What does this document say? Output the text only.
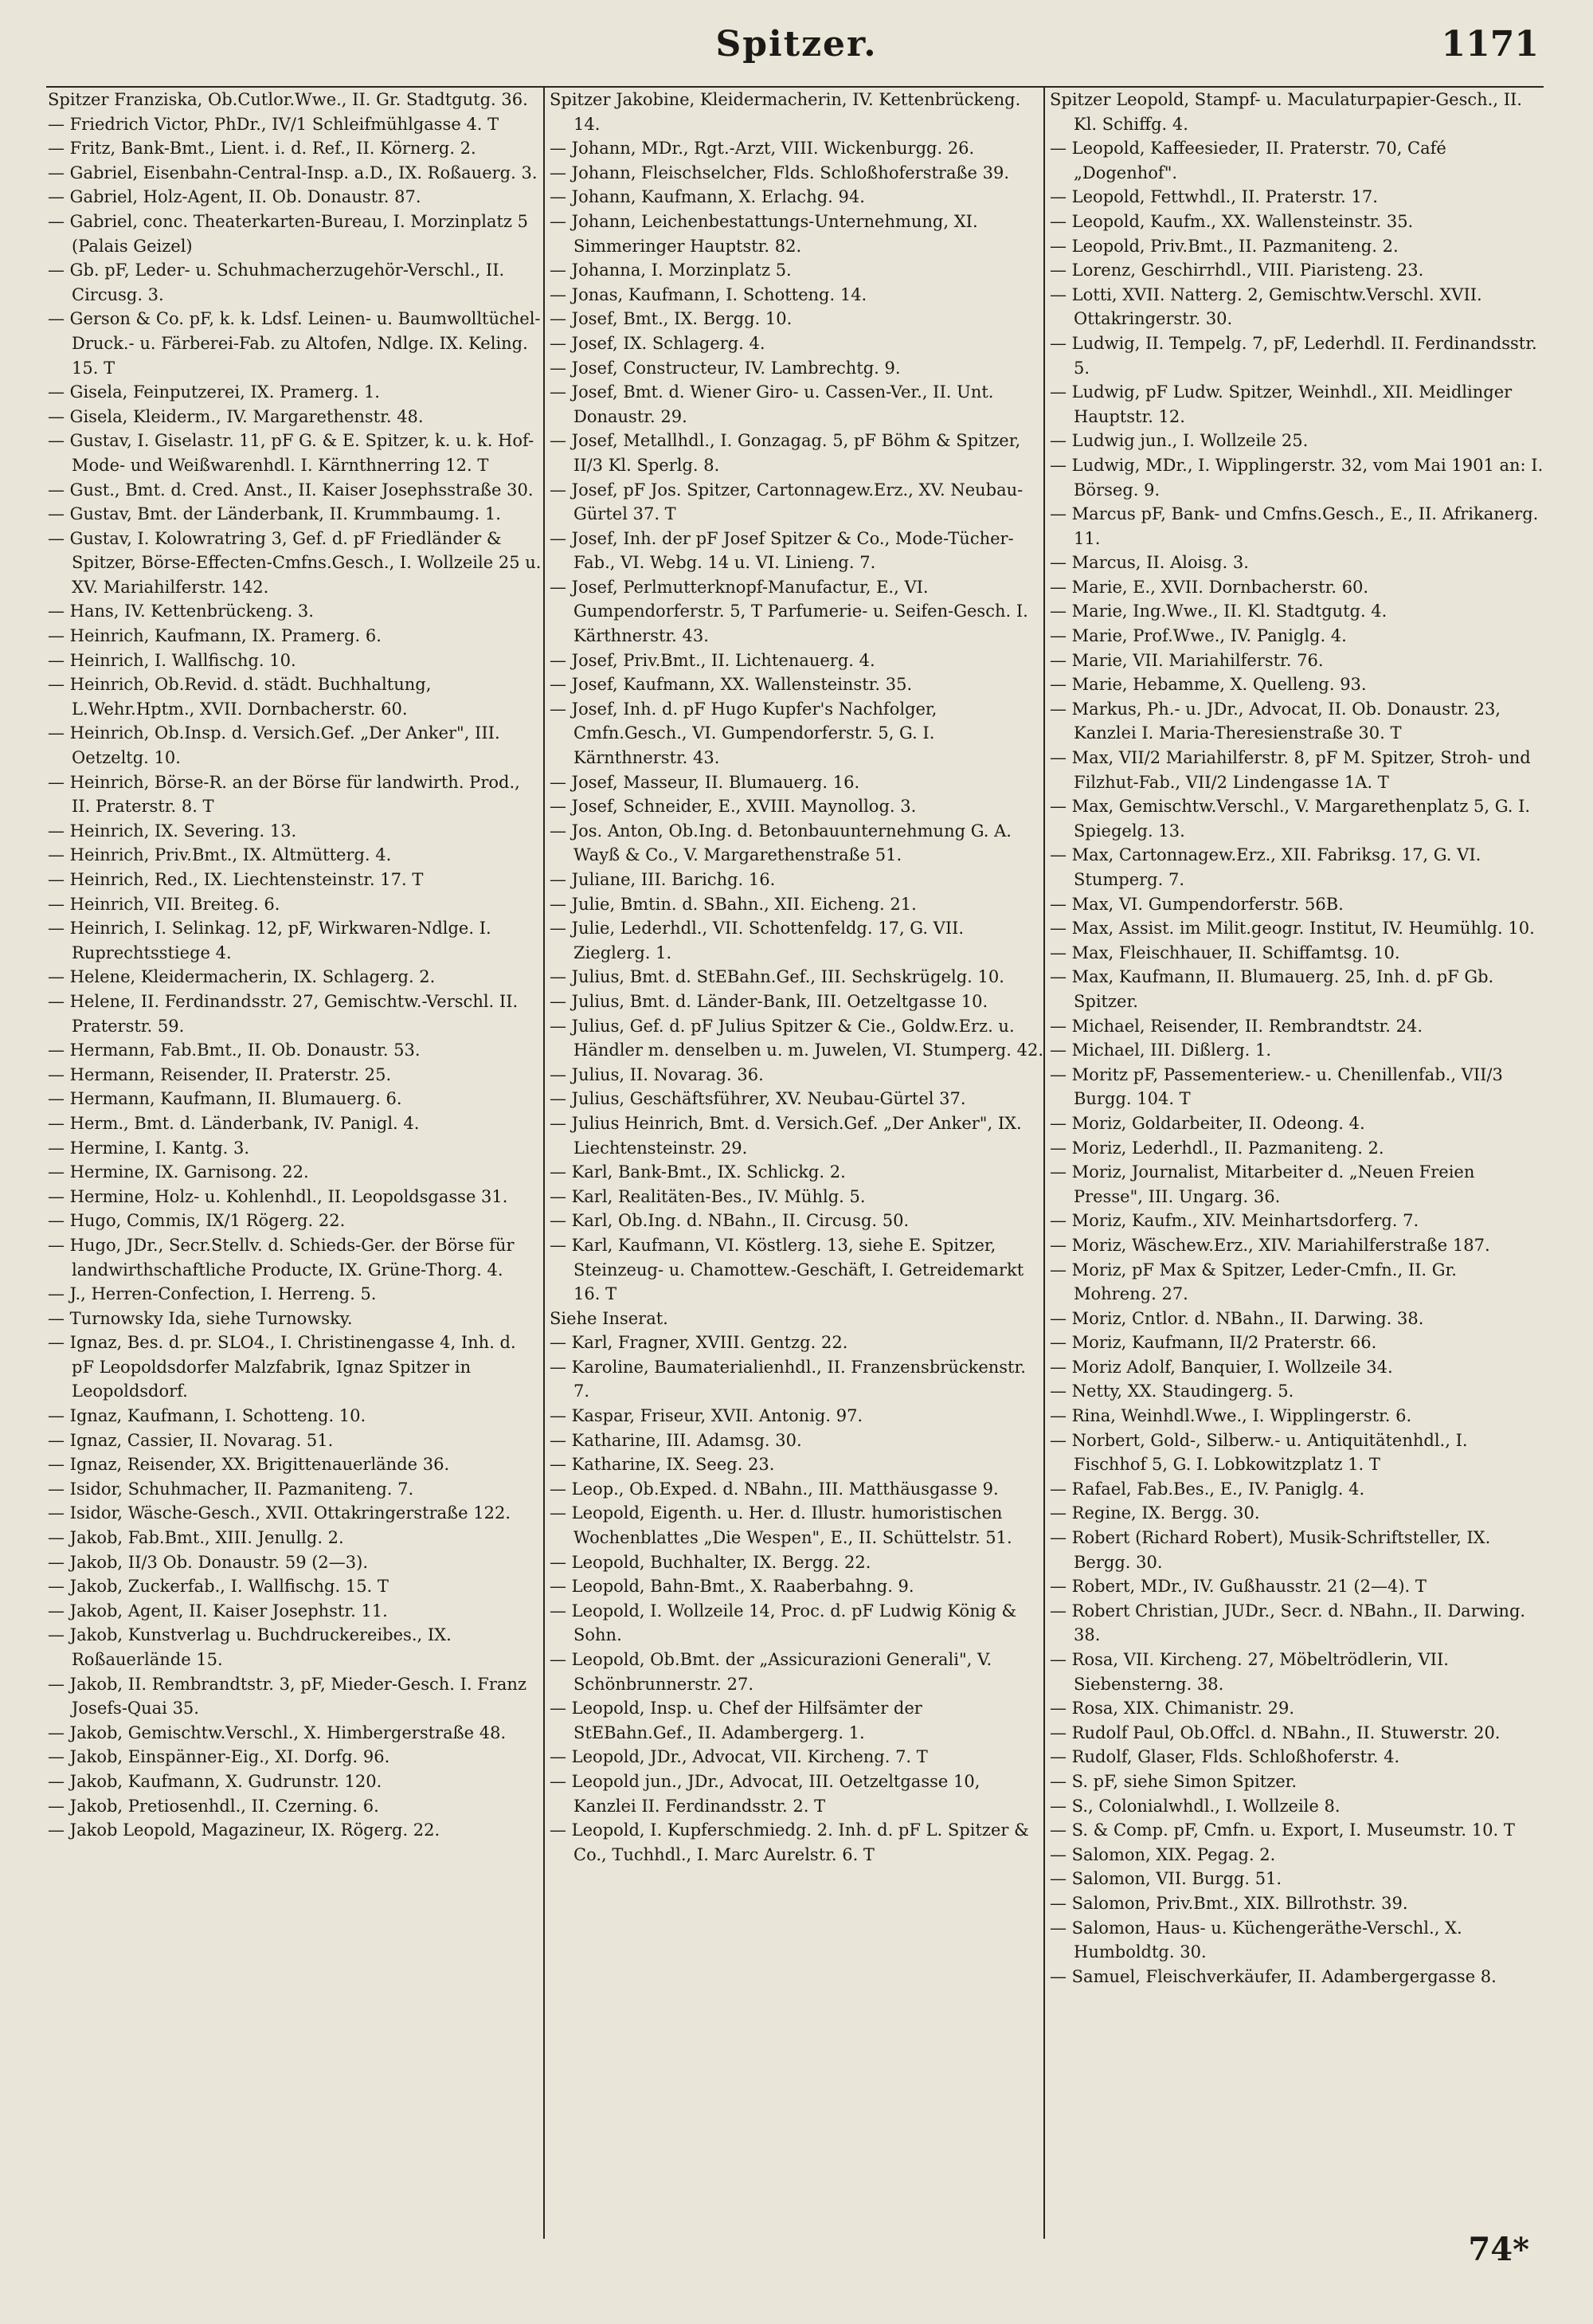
Spitzer.	1171

Spitzer Franziska, Ob.Cutlor.Wwe., II. Gr. Stadtgutg. 36.

— Friedrich Victor, PhDr., IV/1 Schleifmühlgasse 4. T

— Fritz, Bank-Bmt., Lient. i. d. Ref., II. Körnerg. 2.

— Gabriel, Eisenbahn-Central-Insp. a.D., IX. Roßauerg. 3.

— Gabriel, Holz-Agent, II. Ob. Donaustr. 87.

— Gabriel, conc. Theaterkarten-Bureau, I. Morzinplatz 5 (Palais Geizel)

— Gb. pF, Leder- u. Schuhmacherzugehör-Verschl., II. Circusg. 3.

— Gerson & Co. pF, k. k. Ldsf. Leinen- u. Baumwolltüchel-Druck.- u. Färberei-Fab. zu Altofen, Ndlge. IX. Keling. 15. T

— Gisela, Feinputzerei, IX. Pramerg. 1.

— Gisela, Kleiderm., IV. Margarethenstr. 48.

— Gustav, I. Giselastr. 11, pF G. & E. Spitzer, k. u. k. Hof-Mode- und Weißwarenhdl. I. Kärnthnerring 12. T

— Gust., Bmt. d. Cred. Anst., II. Kaiser Josephsstraße 30.

— Gustav, Bmt. der Länderbank, II. Krummbaumg. 1.

— Gustav, I. Kolowratring 3, Gef. d. pF Friedländer & Spitzer, Börse-Effecten-Cmfns.Gesch., I. Wollzeile 25 u. XV. Mariahilferstr. 142.

— Hans, IV. Kettenbrückeng. 3.

— Heinrich, Kaufmann, IX. Pramerg. 6.

— Heinrich, I. Wallfischg. 10.

— Heinrich, Ob.Revid. d. städt. Buchhaltung, L.Wehr.Hptm., XVII. Dornbacherstr. 60.

— Heinrich, Ob.Insp. d. Versich.Gef. „Der Anker", III. Oetzeltg. 10.

— Heinrich, Börse-R. an der Börse für landwirth. Prod., II. Praterstr. 8. T

— Heinrich, IX. Severing. 13.

— Heinrich, Priv.Bmt., IX. Altmütterg. 4.

— Heinrich, Red., IX. Liechtensteinstr. 17. T

— Heinrich, VII. Breiteg. 6.

— Heinrich, I. Selinkag. 12, pF, Wirkwaren-Ndlge. I. Ruprechtsstiege 4.

— Helene, Kleidermacherin, IX. Schlagerg. 2.

— Helene, II. Ferdinandsstr. 27, Gemischtw.-Verschl. II. Praterstr. 59.

— Hermann, Fab.Bmt., II. Ob. Donaustr. 53.

— Hermann, Reisender, II. Praterstr. 25.

— Hermann, Kaufmann, II. Blumauerg. 6.

— Herm., Bmt. d. Länderbank, IV. Panigl. 4.

— Hermine, I. Kantg. 3.

— Hermine, IX. Garnisong. 22.

— Hermine, Holz- u. Kohlenhdl., II. Leopoldsgasse 31.

— Hugo, Commis, IX/1 Rögerg. 22.

— Hugo, JDr., Secr.Stellv. d. Schieds-Ger. der Börse für landwirthschaftliche Producte, IX. Grüne-Thorg. 4.

— J., Herren-Confection, I. Herreng. 5.

— Turnowsky Ida, siehe Turnowsky.

— Ignaz, Bes. d. pr. SLO4., I. Christinengasse 4, Inh. d. pF Leopoldsdorfer Malzfabrik, Ignaz Spitzer in Leopoldsdorf.

— Ignaz, Kaufmann, I. Schotteng. 10.

— Ignaz, Cassier, II. Novarag. 51.

— Ignaz, Reisender, XX. Brigittenauerlände 36.

— Isidor, Schuhmacher, II. Pazmaniteng. 7.

— Isidor, Wäsche-Gesch., XVII. Ottakringerstraße 122.

— Jakob, Fab.Bmt., XIII. Jenullg. 2.

— Jakob, II/3 Ob. Donaustr. 59 (2—3).

— Jakob, Zuckerfab., I. Wallfischg. 15. T

— Jakob, Agent, II. Kaiser Josephstr. 11.

— Jakob, Kunstverlag u. Buchdruckereibes., IX. Roßauerlände 15.

— Jakob, II. Rembrandtstr. 3, pF, Mieder-Gesch. I. Franz Josefs-Quai 35.

— Jakob, Gemischtw.Verschl., X. Himbergerstraße 48.

— Jakob, Einspänner-Eig., XI. Dorfg. 96.

— Jakob, Kaufmann, X. Gudrunstr. 120.

— Jakob, Pretiosenhdl., II. Czerning. 6.

— Jakob Leopold, Magazineur, IX. Rögerg. 22.

Spitzer Jakobine, Kleidermacherin, IV. Kettenbrückeng. 14.

— Johann, MDr., Rgt.-Arzt, VIII. Wickenburgg. 26.

— Johann, Fleischselcher, Flds. Schloßhoferstraße 39.

— Johann, Kaufmann, X. Erlachg. 94.

— Johann, Leichenbestattungs-Unternehmung, XI. Simmeringer Hauptstr. 82.

— Johanna, I. Morzinplatz 5.

— Jonas, Kaufmann, I. Schotteng. 14.

— Josef, Bmt., IX. Bergg. 10.

— Josef, IX. Schlagerg. 4.

— Josef, Constructeur, IV. Lambrechtg. 9.

— Josef, Bmt. d. Wiener Giro- u. Cassen-Ver., II. Unt. Donaustr. 29.

— Josef, Metallhdl., I. Gonzagag. 5, pF Böhm & Spitzer, II/3 Kl. Sperlg. 8.

— Josef, pF Jos. Spitzer, Cartonnagew.Erz., XV. Neubau-Gürtel 37. T

— Josef, Inh. der pF Josef Spitzer & Co., Mode-Tücher-Fab., VI. Webg. 14 u. VI. Linieng. 7.

— Josef, Perlmutterknopf-Manufactur, E., VI. Gumpendorferstr. 5, T Parfumerie- u. Seifen-Gesch. I. Kärthnerstr. 43.

— Josef, Priv.Bmt., II. Lichtenauerg. 4.

— Josef, Kaufmann, XX. Wallensteinstr. 35.

— Josef, Inh. d. pF Hugo Kupfer's Nachfolger, Cmfn.Gesch., VI. Gumpendorferstr. 5, G. I. Kärnthnerstr. 43.

— Josef, Masseur, II. Blumauerg. 16.

— Josef, Schneider, E., XVIII. Maynollog. 3.

— Jos. Anton, Ob.Ing. d. Betonbauunternehmung G. A. Wayß & Co., V. Margarethenstraße 51.

— Juliane, III. Barichg. 16.

— Julie, Bmtin. d. SBahn., XII. Eicheng. 21.

— Julie, Lederhdl., VII. Schottenfeldg. 17, G. VII. Zieglerg. 1.

— Julius, Bmt. d. StEBahn.Gef., III. Sechskrügelg. 10.

— Julius, Bmt. d. Länder-Bank, III. Oetzeltgasse 10.

— Julius, Gef. d. pF Julius Spitzer & Cie., Goldw.Erz. u. Händler m. denselben u. m. Juwelen, VI. Stumperg. 42.

— Julius, II. Novarag. 36.

— Julius, Geschäftsführer, XV. Neubau-Gürtel 37.

— Julius Heinrich, Bmt. d. Versich.Gef. „Der Anker", IX. Liechtensteinstr. 29.

— Karl, Bank-Bmt., IX. Schlickg. 2.

— Karl, Realitäten-Bes., IV. Mühlg. 5.

— Karl, Ob.Ing. d. NBahn., II. Circusg. 50.

— Karl, Kaufmann, VI. Köstlerg. 13, siehe E. Spitzer, Steinzeug- u. Chamottew.-Geschäft, I. Getreidemarkt 16. T

Siehe Inserat.

— Karl, Fragner, XVIII. Gentzg. 22.

— Karoline, Baumaterialienhdl., II. Franzensbrückenstr. 7.

— Kaspar, Friseur, XVII. Antonig. 97.

— Katharine, III. Adamsg. 30.

— Katharine, IX. Seeg. 23.

— Leop., Ob.Exped. d. NBahn., III. Matthäusgasse 9.

— Leopold, Eigenth. u. Her. d. Illustr. humoristischen Wochenblattes „Die Wespen", E., II. Schüttelstr. 51.

— Leopold, Buchhalter, IX. Bergg. 22.

— Leopold, Bahn-Bmt., X. Raaberbahng. 9.

— Leopold, I. Wollzeile 14, Proc. d. pF Ludwig König & Sohn.

— Leopold, Ob.Bmt. der „Assicurazioni Generali", V. Schönbrunnerstr. 27.

— Leopold, Insp. u. Chef der Hilfsämter der StEBahn.Gef., II. Adambergerg. 1.

— Leopold, JDr., Advocat, VII. Kircheng. 7. T

— Leopold jun., JDr., Advocat, III. Oetzeltgasse 10, Kanzlei II. Ferdinandsstr. 2. T

— Leopold, I. Kupferschmiedg. 2. Inh. d. pF L. Spitzer & Co., Tuchhdl., I. Marc Aurelstr. 6. T

Spitzer Leopold, Stampf- u. Maculaturpapier-Gesch., II. Kl. Schiffg. 4.

— Leopold, Kaffeesieder, II. Praterstr. 70, Café „Dogenhof".

— Leopold, Fettwhdl., II. Praterstr. 17.

— Leopold, Kaufm., XX. Wallensteinstr. 35.

— Leopold, Priv.Bmt., II. Pazmaniteng. 2.

— Lorenz, Geschirrhdl., VIII. Piaristeng. 23.

— Lotti, XVII. Natterg. 2, Gemischtw.Verschl. XVII. Ottakringerstr. 30.

— Ludwig, II. Tempelg. 7, pF, Lederhdl. II. Ferdinandsstr. 5.

— Ludwig, pF Ludw. Spitzer, Weinhdl., XII. Meidlinger Hauptstr. 12.

— Ludwig jun., I. Wollzeile 25.

— Ludwig, MDr., I. Wipplingerstr. 32, vom Mai 1901 an: I. Börseg. 9.

— Marcus pF, Bank- und Cmfns.Gesch., E., II. Afrikanerg. 11.

— Marcus, II. Aloisg. 3.

— Marie, E., XVII. Dornbacherstr. 60.

— Marie, Ing.Wwe., II. Kl. Stadtgutg. 4.

— Marie, Prof.Wwe., IV. Paniglg. 4.

— Marie, VII. Mariahilferstr. 76.

— Marie, Hebamme, X. Quelleng. 93.

— Markus, Ph.- u. JDr., Advocat, II. Ob. Donaustr. 23, Kanzlei I. Maria-Theresienstraße 30. T

— Max, VII/2 Mariahilferstr. 8, pF M. Spitzer, Stroh- und Filzhut-Fab., VII/2 Lindengasse 1A. T

— Max, Gemischtw.Verschl., V. Margarethenplatz 5, G. I. Spiegelg. 13.

— Max, Cartonnagew.Erz., XII. Fabriksg. 17, G. VI. Stumperg. 7.

— Max, VI. Gumpendorferstr. 56B.

— Max, Assist. im Milit.geogr. Institut, IV. Heumühlg. 10.

— Max, Fleischhauer, II. Schiffamtsg. 10.

— Max, Kaufmann, II. Blumauerg. 25, Inh. d. pF Gb. Spitzer.

— Michael, Reisender, II. Rembrandtstr. 24.

— Michael, III. Dißlerg. 1.

— Moritz pF, Passementeriew.- u. Chenillenfab., VII/3 Burgg. 104. T

— Moriz, Goldarbeiter, II. Odeong. 4.

— Moriz, Lederhdl., II. Pazmaniteng. 2.

— Moriz, Journalist, Mitarbeiter d. „Neuen Freien Presse", III. Ungarg. 36.

— Moriz, Kaufm., XIV. Meinhartsdorferg. 7.

— Moriz, Wäschew.Erz., XIV. Mariahilferstraße 187.

— Moriz, pF Max & Spitzer, Leder-Cmfn., II. Gr. Mohreng. 27.

— Moriz, Cntlor. d. NBahn., II. Darwing. 38.

— Moriz, Kaufmann, II/2 Praterstr. 66.

— Moriz Adolf, Banquier, I. Wollzeile 34.

— Netty, XX. Staudingerg. 5.

— Rina, Weinhdl.Wwe., I. Wipplingerstr. 6.

— Norbert, Gold-, Silberw.- u. Antiquitätenhdl., I. Fischhof 5, G. I. Lobkowitzplatz 1. T

— Rafael, Fab.Bes., E., IV. Paniglg. 4.

— Regine, IX. Bergg. 30.

— Robert (Richard Robert), Musik-Schriftsteller, IX. Bergg. 30.

— Robert, MDr., IV. Gußhausstr. 21 (2—4). T

— Robert Christian, JUDr., Secr. d. NBahn., II. Darwing. 38.

— Rosa, VII. Kircheng. 27, Möbeltrödlerin, VII. Siebensterng. 38.

— Rosa, XIX. Chimanistr. 29.

— Rudolf Paul, Ob.Offcl. d. NBahn., II. Stuwerstr. 20.

— Rudolf, Glaser, Flds. Schloßhoferstr. 4.

— S. pF, siehe Simon Spitzer.

— S., Colonialwhdl., I. Wollzeile 8.

— S. & Comp. pF, Cmfn. u. Export, I. Museumstr. 10. T

— Salomon, XIX. Pegag. 2.

— Salomon, VII. Burgg. 51.

— Salomon, Priv.Bmt., XIX. Billrothstr. 39.

— Salomon, Haus- u. Küchengeräthe-Verschl., X. Humboldtg. 30.

— Samuel, Fleischverkäufer, II. Adambergergasse 8.

74*
